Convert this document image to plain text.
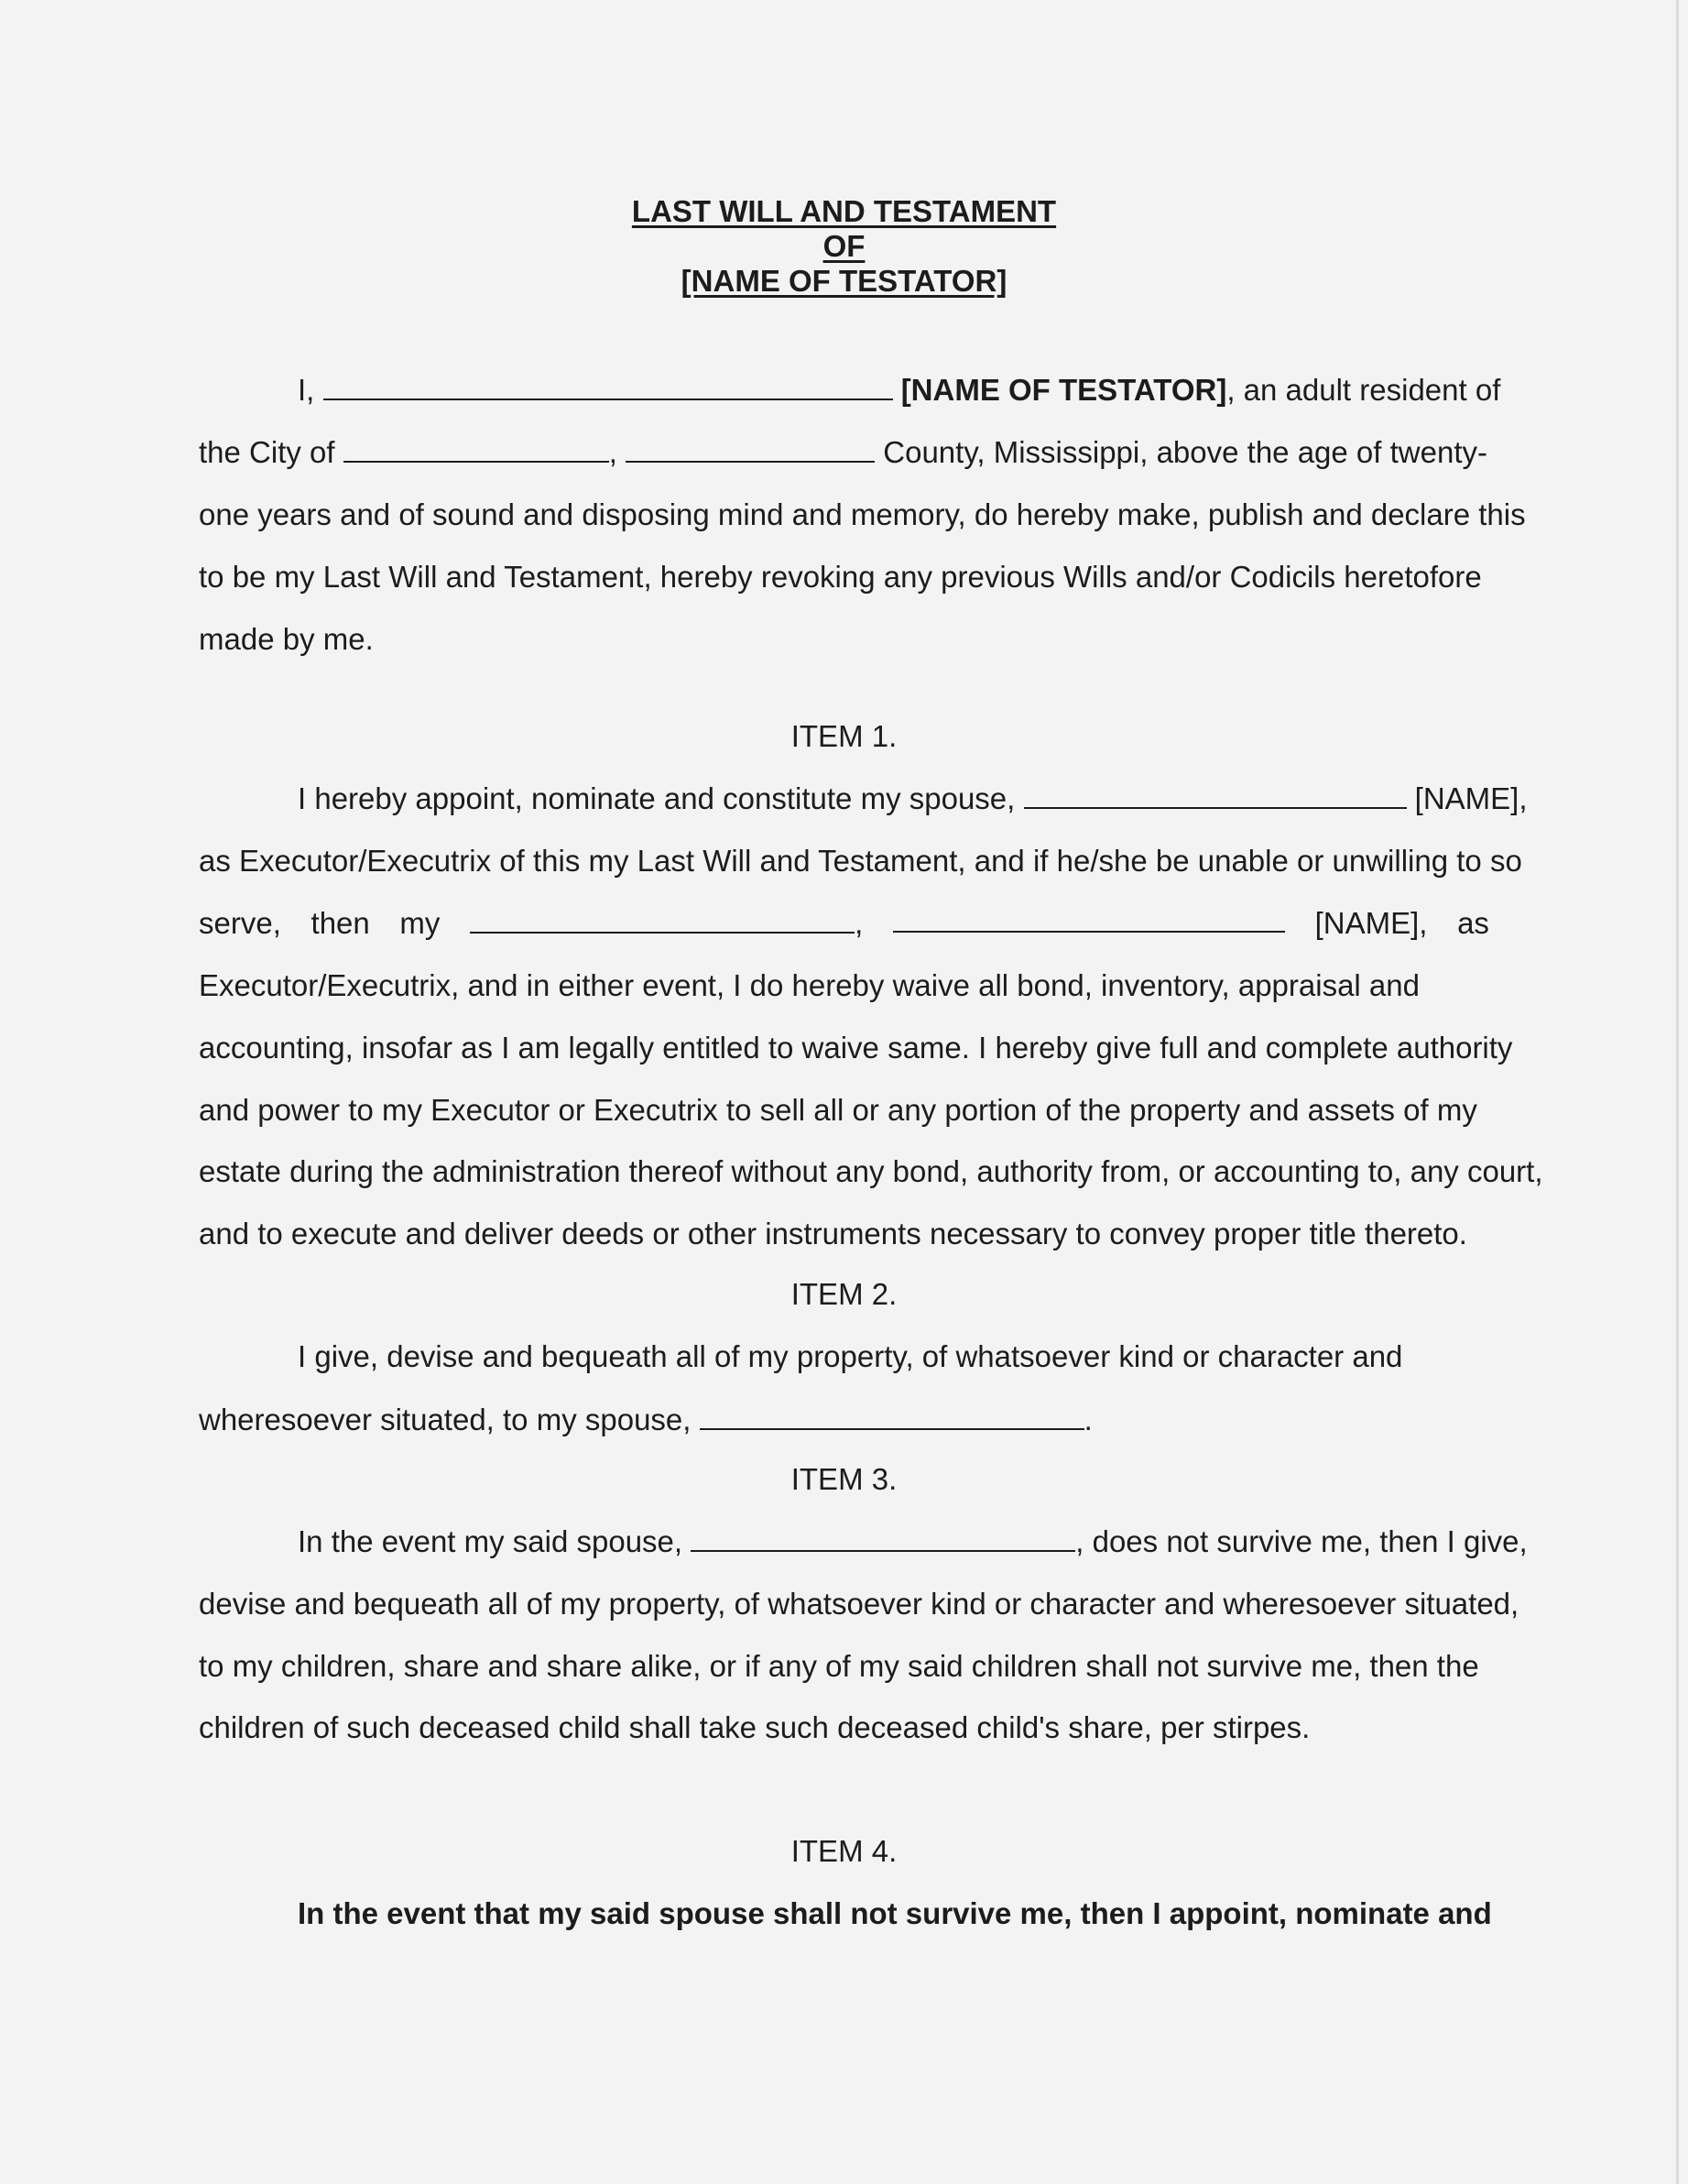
LAST WILL AND TESTAMENT
OF
[NAME OF TESTATOR]
I,	[NAME OF TESTATOR], an adult resident of
the City of	,	County, Mississippi, above the age of twenty-
one years and of sound and disposing mind and memory, do hereby make, publish and declare this
to be my Last Will and Testament, hereby revoking any previous Wills and/or Codicils heretofore
made by me.
ITEM 1.
I hereby appoint, nominate and constitute my spouse,	[NAME],
as Executor/Executrix of this my Last Will and Testament, and if he/she be unable or unwilling to so
serve, then my	,	[NAME], as
Executor/Executrix, and in either event, I do hereby waive all bond, inventory, appraisal and
accounting, insofar as I am legally entitled to waive same. I hereby give full and complete authority
and power to my Executor or Executrix to sell all or any portion of the property and assets of my
estate during the administration thereof without any bond, authority from, or accounting to, any court,
and to execute and deliver deeds or other instruments necessary to convey proper title thereto.
ITEM 2.
I give, devise and bequeath all of my property, of whatsoever kind or character and
wheresoever situated, to my spouse,	.
ITEM 3.
In the event my said spouse,	, does not survive me, then I give,
devise and bequeath all of my property, of whatsoever kind or character and wheresoever situated,
to my children, share and share alike, or if any of my said children shall not survive me, then the
children of such deceased child shall take such deceased child's share, per stirpes.
ITEM 4.
In the event that my said spouse shall not survive me, then I appoint, nominate and
